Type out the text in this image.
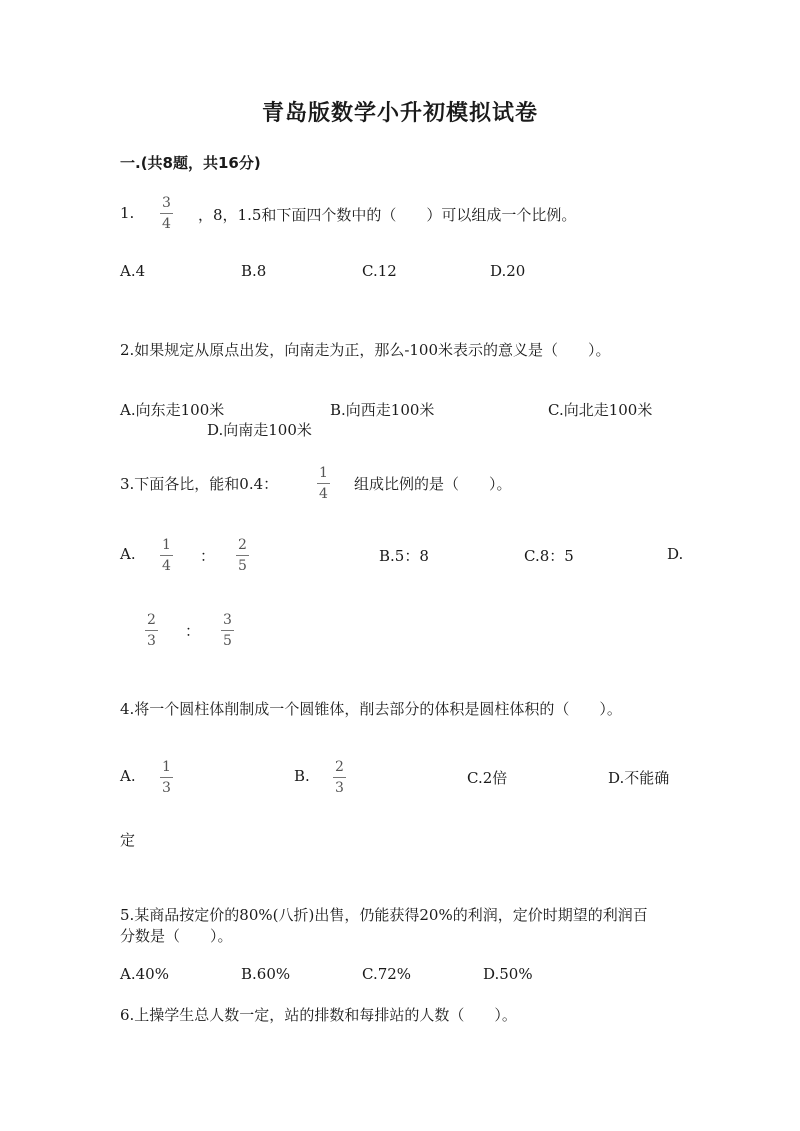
青岛版数学小升初模拟试卷
一.(共8题，共16分)
1.
3
4 ，8，1.5和下面四个数中的（　　）可以组成一个比例。
A.4	B.8	C.12	D.20
2.如果规定从原点出发，向南走为正，那么-100米表示的意义是（　　）。
A.向东走100米	B.向西走100米	C.向北走100米
D.向南走100米
3.下面各比，能和0.4：
1
4
组成比例的是（　　）。
A. 1
4
：
2
5
B.5：8	C.8：5	D.
2
3
：
3
5
4.将一个圆柱体削制成一个圆锥体，削去部分的体积是圆柱体积的（　　）。
A. 1
3
B. 2
3
C.2倍	D.不能确
定
5.某商品按定价的80%(八折)出售，仍能获得20%的利润，定价时期望的利润百
分数是（　　）。
A.40%	B.60%	C.72%	D.50%
6.上操学生总人数一定，站的排数和每排站的人数（　　）。
